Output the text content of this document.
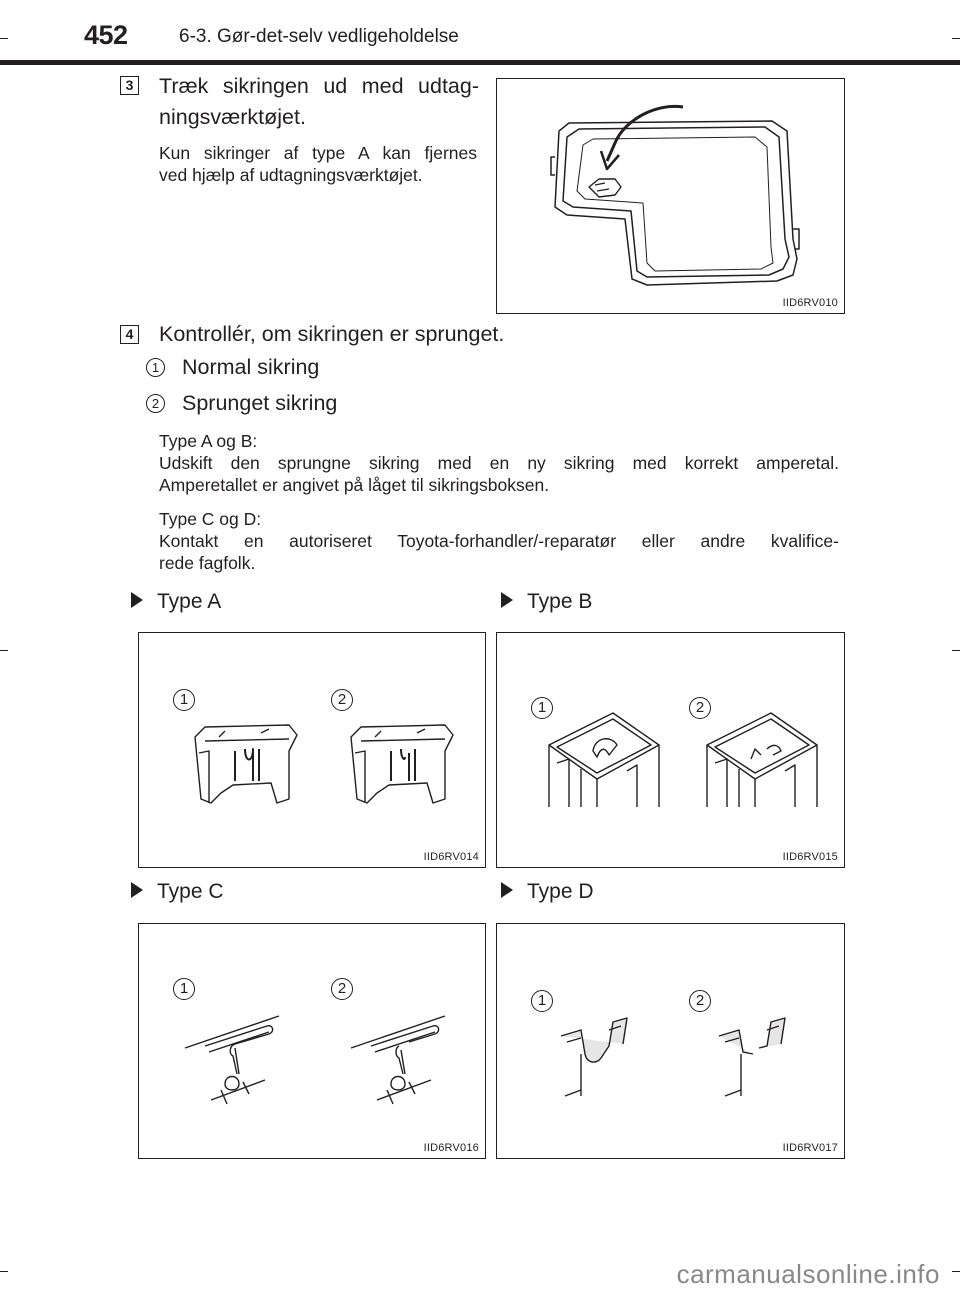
452	6-3. Gør-det-selv vedligeholdelse
3 Træk sikringen ud med udtag-
ningsværktøjet.
Kun sikringer af type A kan fjernes
ved hjælp af udtagningsværktøjet.
IID6RV010
4 Kontrollér, om sikringen er sprunget.
1 Normal sikring
2 Sprunget sikring
Type A og B:
Udskift den sprungne sikring med en ny sikring med korrekt amperetal.
Amperetallet er angivet på låget til sikringsboksen.
Type C og D:
Kontakt en autoriseret Toyota-forhandler/-reparatør eller andre kvalifice-
rede fagfolk.
Type A	Type B
Type C	Type D
1	2
IID6RV014
1	2
IID6RV015
1	2
IID6RV016
1	2
IID6RV017
carmanualsonline.info
